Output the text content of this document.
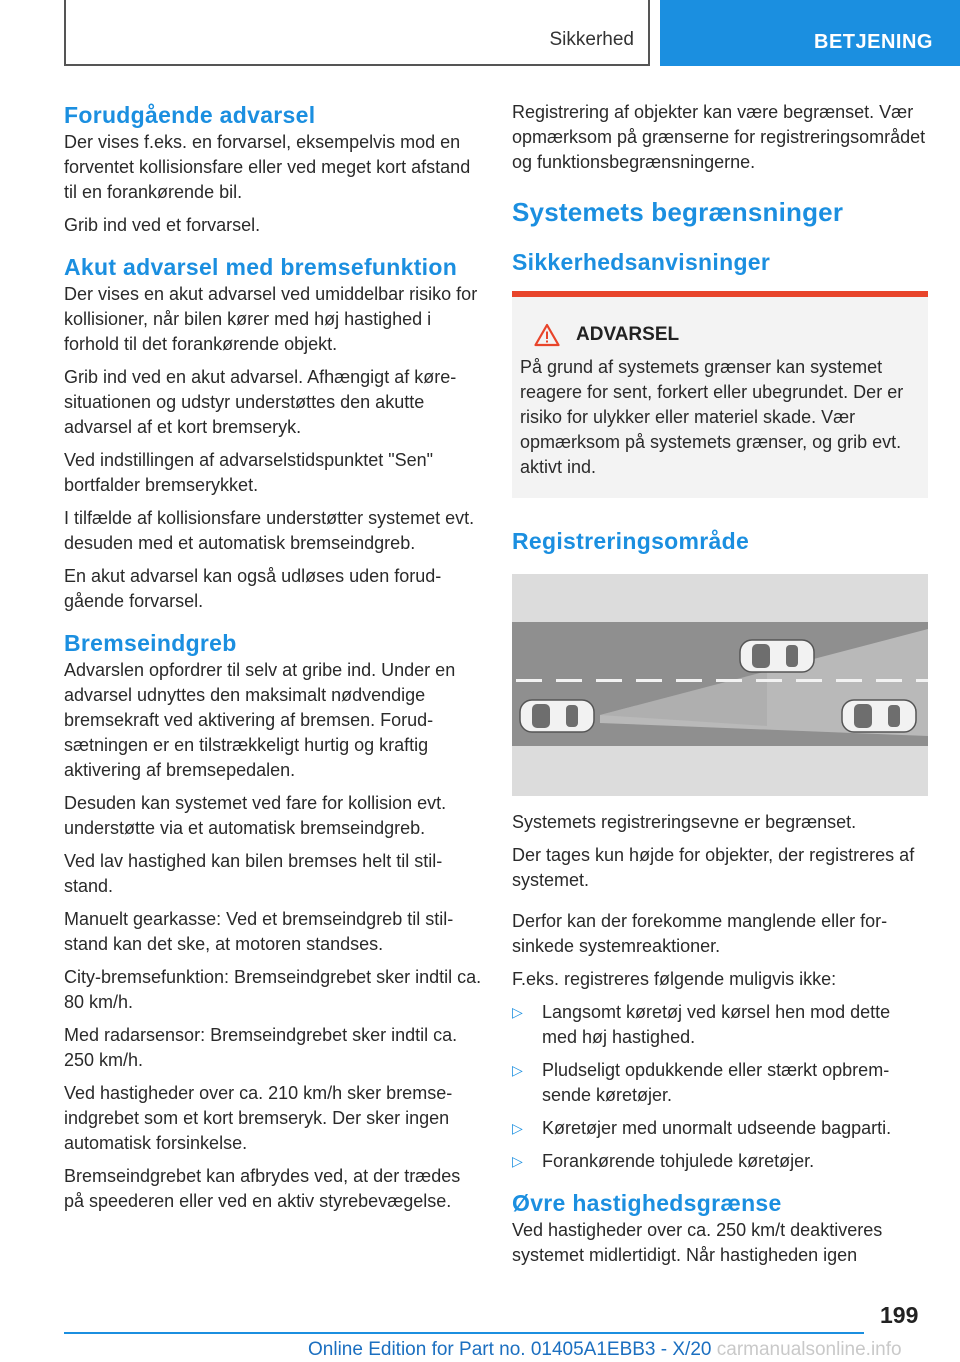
Sikkerhed	BETJENING
Forudgående advarsel

Der vises f.eks. en forvarsel, eksempelvis mod en forventet kollisionsfare eller ved meget kort afstand til en forankørende bil.

Grib ind ved et forvarsel.

Akut advarsel med bremsefunktion

Der vises en akut advarsel ved umiddelbar risiko for kollisioner, når bilen kører med høj hastighed i forhold til det forankørende objekt.

Grib ind ved en akut advarsel. Afhængigt af køresituationen og udstyr understøttes den akutte advarsel af et kort bremseryk.

Ved indstillingen af advarselstidspunktet "Sen" bortfalder bremserykket.

I tilfælde af kollisionsfare understøtter systemet evt. desuden med et automatisk bremseindgreb.

En akut advarsel kan også udløses uden forudgående forvarsel.

Bremseindgreb

Advarslen opfordrer til selv at gribe ind. Under en advarsel udnyttes den maksimalt nødvendige bremsekraft ved aktivering af bremsen. Forudsætningen er en tilstrækkeligt hurtig og kraftig aktivering af bremsepedalen.

Desuden kan systemet ved fare for kollision evt. understøtte via et automatisk bremseindgreb.

Ved lav hastighed kan bilen bremses helt til stilstand.

Manuelt gearkasse: Ved et bremseindgreb til stilstand kan det ske, at motoren standses.

City-bremsefunktion: Bremseindgrebet sker indtil ca. 80 km/h.

Med radarsensor: Bremseindgrebet sker indtil ca. 250 km/h.

Ved hastigheder over ca. 210 km/h sker bremseindgrebet som et kort bremseryk. Der sker ingen automatisk forsinkelse.

Bremseindgrebet kan afbrydes ved, at der trædes på speederen eller ved en aktiv styrebevægelse.

Registrering af objekter kan være begrænset. Vær opmærksom på grænserne for registreringsområdet og funktionsbegrænsningerne.

Systemets begrænsninger
Sikkerhedsanvisninger
ADVARSEL

På grund af systemets grænser kan systemet reagere for sent, forkert eller ubegrundet. Der er risiko for ulykker eller materiel skade. Vær opmærksom på systemets grænser, og grib evt. aktivt ind.

Registreringsområde

Systemets registreringsevne er begrænset.

Der tages kun højde for objekter, der registreres af systemet.

Derfor kan der forekomme manglende eller forsinkede systemreaktioner.

F.eks. registreres følgende muligvis ikke:

▷ Langsomt køretøj ved kørsel hen mod dette med høj hastighed.
▷ Pludseligt opdukkende eller stærkt opbremsende køretøjer.
▷ Køretøjer med unormalt udseende bagparti.
▷ Forankørende tohjulede køretøjer.
Øvre hastighedsgrænse

Ved hastigheder over ca. 250 km/t deaktiveres systemet midlertidigt. Når hastigheden igen

199
Online Edition for Part no. 01405A1EBB3 - X/20 carmanualsonline.info
